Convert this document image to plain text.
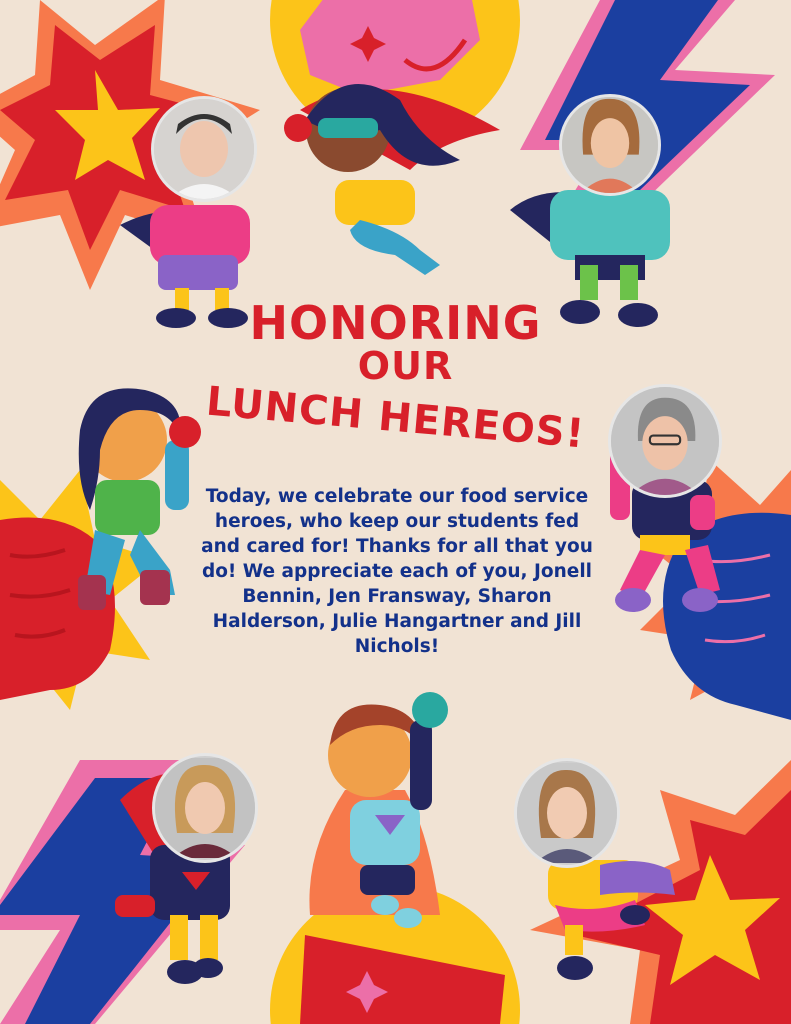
HONORING
OUR
LUNCH HEREOS!
Today, we celebrate our food service heroes, who keep our students fed and cared for! Thanks for all that you do! We appreciate each of you, Jonell Bennin, Jen Fransway, Sharon Halderson, Julie Hangartner and Jill Nichols!
